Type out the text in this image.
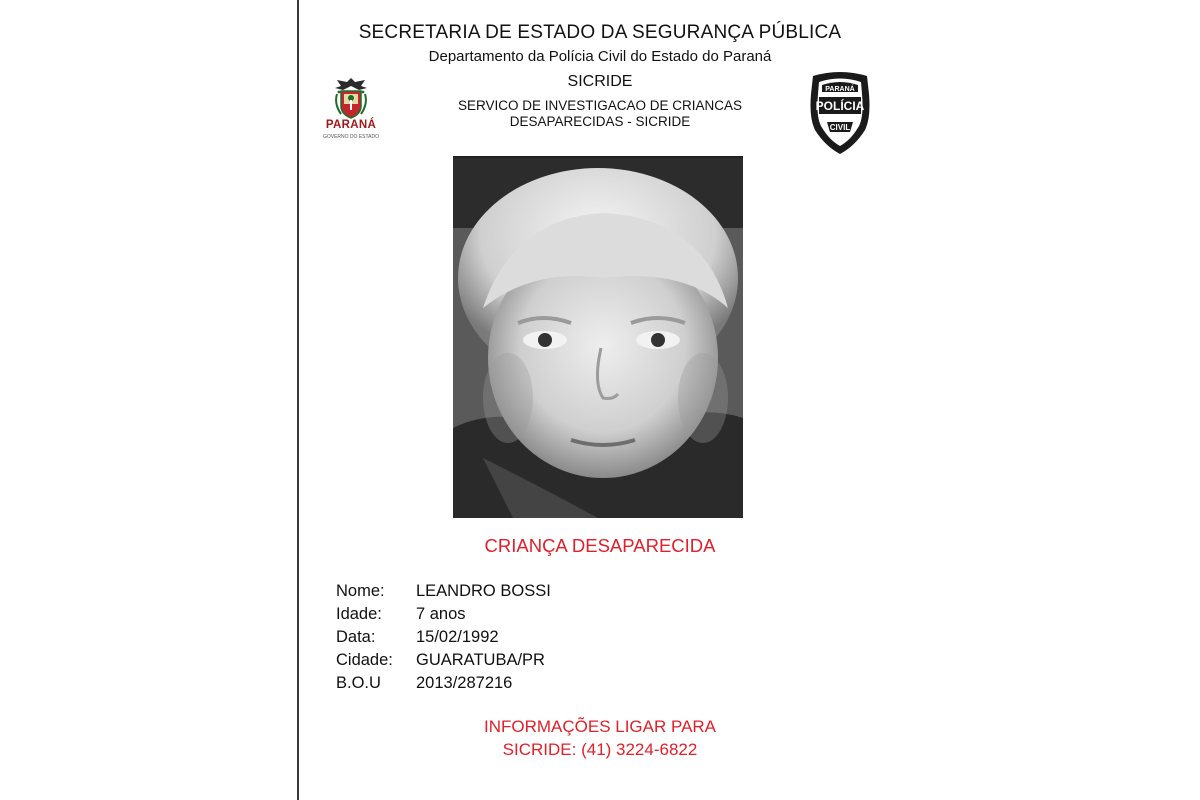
SECRETARIA DE ESTADO DA SEGURANÇA PÚBLICA
Departamento da Polícia Civil do Estado do Paraná
SICRIDE
SERVICO DE INVESTIGACAO DE CRIANCAS
DESAPARECIDAS - SICRIDE
PARANÁ
GOVERNO DO ESTADO
PARANÁ
POLÍCIA
CIVIL
CRIANÇA DESAPARECIDA
Nome:	LEANDRO BOSSI
Idade:	7 anos
Data:	15/02/1992
Cidade:	GUARATUBA/PR
B.O.U	2013/287216
INFORMAÇÕES LIGAR PARA
SICRIDE: (41) 3224-6822
